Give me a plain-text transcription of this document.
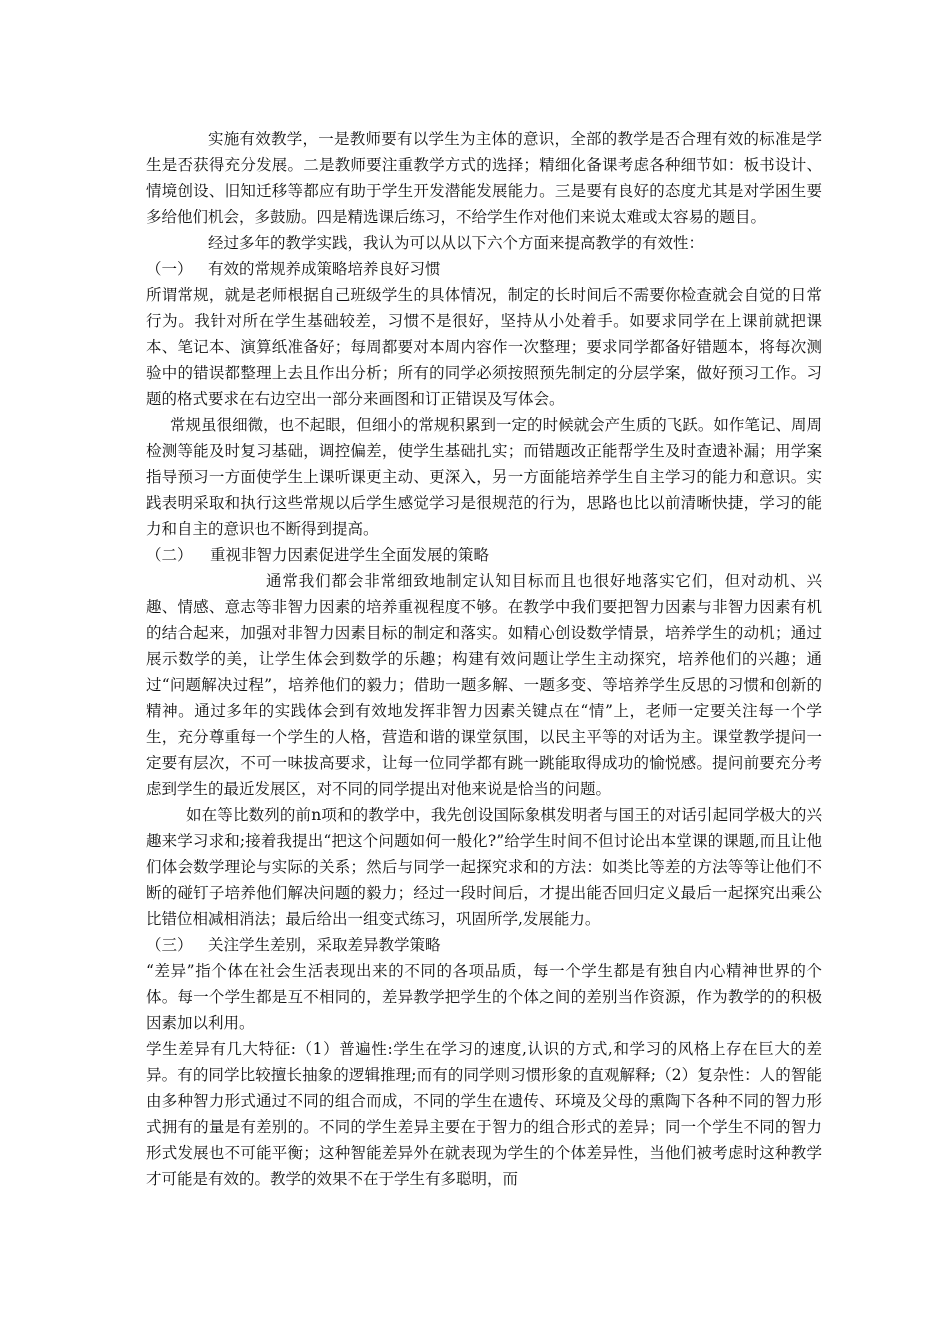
实施有效教学，一是教师要有以学生为主体的意识，全部的教学是否合理有效的标准是学生是否获得充分发展。二是教师要注重教学方式的选择；精细化备课考虑各种细节如：板书设计、情境创设、旧知迁移等都应有助于学生开发潜能发展能力。三是要有良好的态度尤其是对学困生要多给他们机会，多鼓励。四是精选课后练习，不给学生作对他们来说太难或太容易的题目。

经过多年的教学实践，我认为可以从以下六个方面来提高教学的有效性：

（一） 有效的常规养成策略培养良好习惯

所谓常规，就是老师根据自己班级学生的具体情况，制定的长时间后不需要你检查就会自觉的日常行为。我针对所在学生基础较差，习惯不是很好，坚持从小处着手。如要求同学在上课前就把课本、笔记本、演算纸准备好；每周都要对本周内容作一次整理；要求同学都备好错题本，将每次测验中的错误都整理上去且作出分析；所有的同学必须按照预先制定的分层学案，做好预习工作。习题的格式要求在右边空出一部分来画图和订正错误及写体会。

常规虽很细微，也不起眼，但细小的常规积累到一定的时候就会产生质的飞跃。如作笔记、周周检测等能及时复习基础，调控偏差，使学生基础扎实；而错题改正能帮学生及时查遗补漏；用学案指导预习一方面使学生上课听课更主动、更深入，另一方面能培养学生自主学习的能力和意识。实践表明采取和执行这些常规以后学生感觉学习是很规范的行为，思路也比以前清晰快捷，学习的能力和自主的意识也不断得到提高。

（二）	重视非智力因素促进学生全面发展的策略

通常我们都会非常细致地制定认知目标而且也很好地落实它们，但对动机、兴趣、情感、意志等非智力因素的培养重视程度不够。在教学中我们要把智力因素与非智力因素有机的结合起来，加强对非智力因素目标的制定和落实。如精心创设数学情景，培养学生的动机；通过展示数学的美，让学生体会到数学的乐趣；构建有效问题让学生主动探究，培养他们的兴趣；通过“问题解决过程”，培养他们的毅力；借助一题多解、一题多变、等培养学生反思的习惯和创新的精神。通过多年的实践体会到有效地发挥非智力因素关键点在“情”上，老师一定要关注每一个学生，充分尊重每一个学生的人格，营造和谐的课堂氛围，以民主平等的对话为主。课堂教学提问一定要有层次，不可一味拔高要求，让每一位同学都有跳一跳能取得成功的愉悦感。提问前要充分考虑到学生的最近发展区，对不同的同学提出对他来说是恰当的问题。

如在等比数列的前n项和的教学中，我先创设国际象棋发明者与国王的对话引起同学极大的兴趣来学习求和;接着我提出“把这个问题如何一般化?”给学生时间不但讨论出本堂课的课题,而且让他们体会数学理论与实际的关系；然后与同学一起探究求和的方法：如类比等差的方法等等让他们不断的碰钉子培养他们解决问题的毅力；经过一段时间后，才提出能否回归定义最后一起探究出乘公比错位相减相消法；最后给出一组变式练习，巩固所学,发展能力。

（三） 关注学生差别，采取差异教学策略

“差异”指个体在社会生活表现出来的不同的各项品质，每一个学生都是有独自内心精神世界的个体。每一个学生都是互不相同的，差异教学把学生的个体之间的差别当作资源，作为教学的的积极因素加以利用。

学生差异有几大特征:（1）普遍性:学生在学习的速度,认识的方式,和学习的风格上存在巨大的差异。有的同学比较擅长抽象的逻辑推理;而有的同学则习惯形象的直观解释;（2）复杂性：人的智能由多种智力形式通过不同的组合而成，不同的学生在遗传、环境及父母的熏陶下各种不同的智力形式拥有的量是有差别的。不同的学生差异主要在于智力的组合形式的差异；同一个学生不同的智力形式发展也不可能平衡；这种智能差异外在就表现为学生的个体差异性，当他们被考虑时这种教学才可能是有效的。教学的效果不在于学生有多聪明，而
